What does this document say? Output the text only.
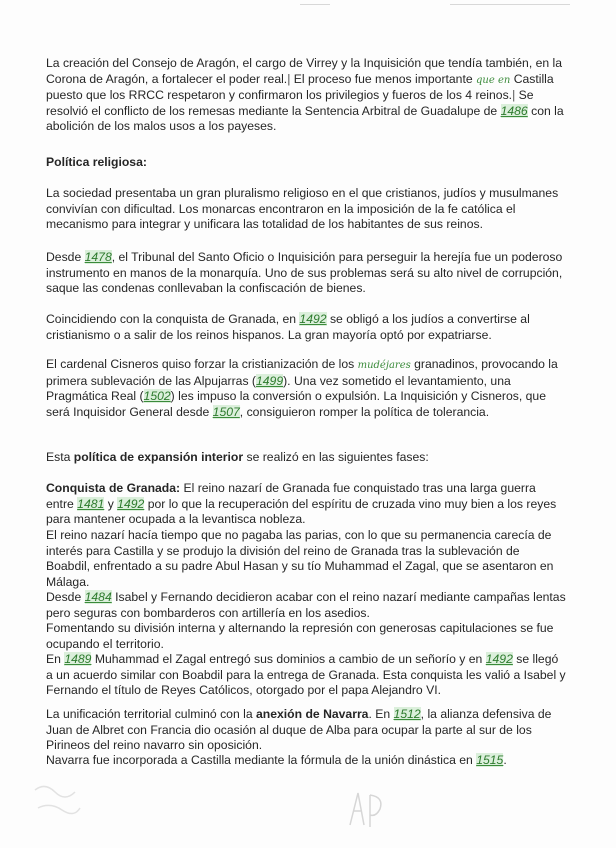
La creación del Consejo de Aragón, el cargo de Virrey y la Inquisición que tendía también, en la Corona de Aragón, a fortalecer el poder real.| El proceso fue menos importante que en Castilla puesto que los RRCC respetaron y confirmaron los privilegios y fueros de los 4 reinos.| Se resolvió el conflicto de los remesas mediante la Sentencia Arbitral de Guadalupe de 1486 con la abolición de los malos usos a los payeses.
Política religiosa:
La sociedad presentaba un gran pluralismo religioso en el que cristianos, judíos y musulmanes convivían con dificultad. Los monarcas encontraron en la imposición de la fe católica el mecanismo para integrar y unificara las totalidad de los habitantes de sus reinos.
Desde 1478, el Tribunal del Santo Oficio o Inquisición para perseguir la herejía fue un poderoso instrumento en manos de la monarquía. Uno de sus problemas será su alto nivel de corrupción, saque las condenas conllevaban la confiscación de bienes.
Coincidiendo con la conquista de Granada, en 1492 se obligó a los judíos a convertirse al cristianismo o a salir de los reinos hispanos. La gran mayoría optó por expatriarse.
El cardenal Cisneros quiso forzar la cristianización de los mudéjares granadinos, provocando la primera sublevación de las Alpujarras (1499). Una vez sometido el levantamiento, una Pragmática Real (1502) les impuso la conversión o expulsión. La Inquisición y Cisneros, que será Inquisidor General desde 1507, consiguieron romper la política de tolerancia.
Esta política de expansión interior se realizó en las siguientes fases:
Conquista de Granada: El reino nazarí de Granada fue conquistado tras una larga guerra entre 1481 y 1492 por lo que la recuperación del espíritu de cruzada vino muy bien a los reyes para mantener ocupada a la levantisca nobleza.
El reino nazarí hacía tiempo que no pagaba las parias, con lo que su permanencia carecía de interés para Castilla y se produjo la división del reino de Granada tras la sublevación de Boabdil, enfrentado a su padre Abul Hasan y su tío Muhammad el Zagal, que se asentaron en Málaga.
Desde 1484 Isabel y Fernando decidieron acabar con el reino nazarí mediante campañas lentas pero seguras con bombarderos con artillería en los asedios.
Fomentando su división interna y alternando la represión con generosas capitulaciones se fue ocupando el territorio.
En 1489 Muhammad el Zagal entregó sus dominios a cambio de un señorío y en 1492 se llegó a un acuerdo similar con Boabdil para la entrega de Granada. Esta conquista les valió a Isabel y Fernando el título de Reyes Católicos, otorgado por el papa Alejandro VI.
La unificación territorial culminó con la anexión de Navarra. En 1512, la alianza defensiva de Juan de Albret con Francia dio ocasión al duque de Alba para ocupar la parte al sur de los Pirineos del reino navarro sin oposición.
Navarra fue incorporada a Castilla mediante la fórmula de la unión dinástica en 1515.
